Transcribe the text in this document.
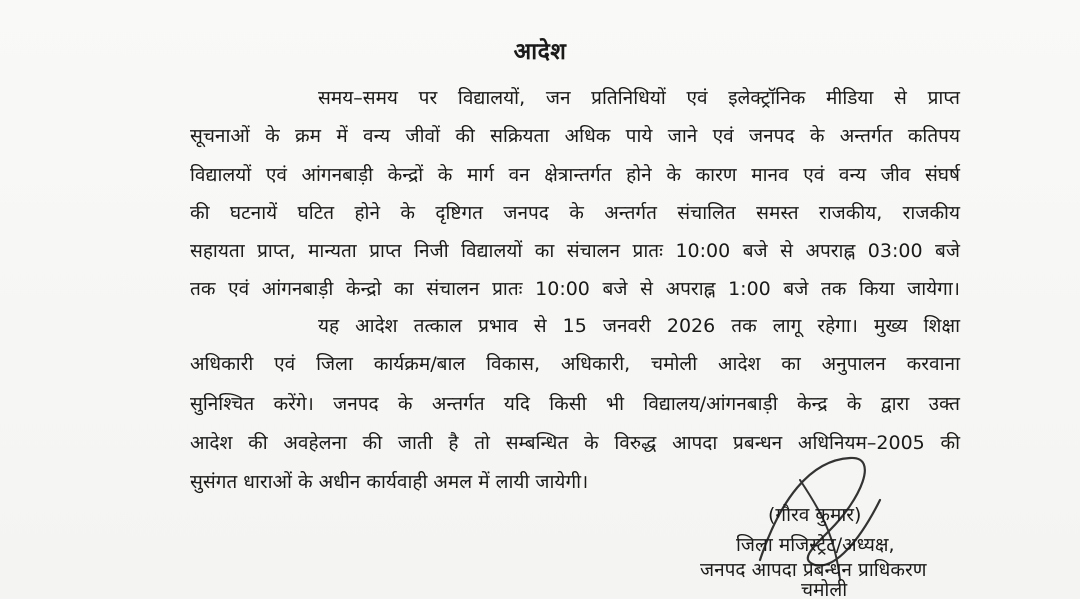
आदेश
समय–समय पर विद्यालयों, जन प्रतिनिधियों एवं इलेक्ट्रॉनिक मीडिया से प्राप्त
सूचनाओं के क्रम में वन्य जीवों की सक्रियता अधिक पाये जाने एवं जनपद के अन्तर्गत कतिपय
विद्यालयों एवं आंगनबाड़ी केन्द्रों के मार्ग वन क्षेत्रान्तर्गत होने के कारण मानव एवं वन्य जीव संघर्ष
की घटनायें घटित होने के दृष्टिगत जनपद के अन्तर्गत संचालित समस्त राजकीय, राजकीय
सहायता प्राप्त, मान्यता प्राप्त निजी विद्यालयों का संचालन प्रातः 10:00 बजे से अपराह्न 03:00 बजे
तक एवं आंगनबाड़ी केन्द्रो का संचालन प्रातः 10:00 बजे से अपराह्न 1:00 बजे तक किया जायेगा।
यह आदेश तत्काल प्रभाव से 15 जनवरी 2026 तक लागू रहेगा। मुख्य शिक्षा
अधिकारी एवं जिला कार्यक्रम/बाल विकास, अधिकारी, चमोली आदेश का अनुपालन करवाना
सुनिश्चित करेंगे। जनपद के अन्तर्गत यदि किसी भी विद्यालय/आंगनबाड़ी केन्द्र के द्वारा उक्त
आदेश की अवहेलना की जाती है तो सम्बन्धित के विरुद्ध आपदा प्रबन्धन अधिनियम–2005 की
सुसंगत धाराओं के अधीन कार्यवाही अमल में लायी जायेगी।
(गौरव कुमार)
जिला मजिस्ट्रेट/अध्यक्ष,
जनपद आपदा प्रबन्धन प्राधिकरण
चमोली
